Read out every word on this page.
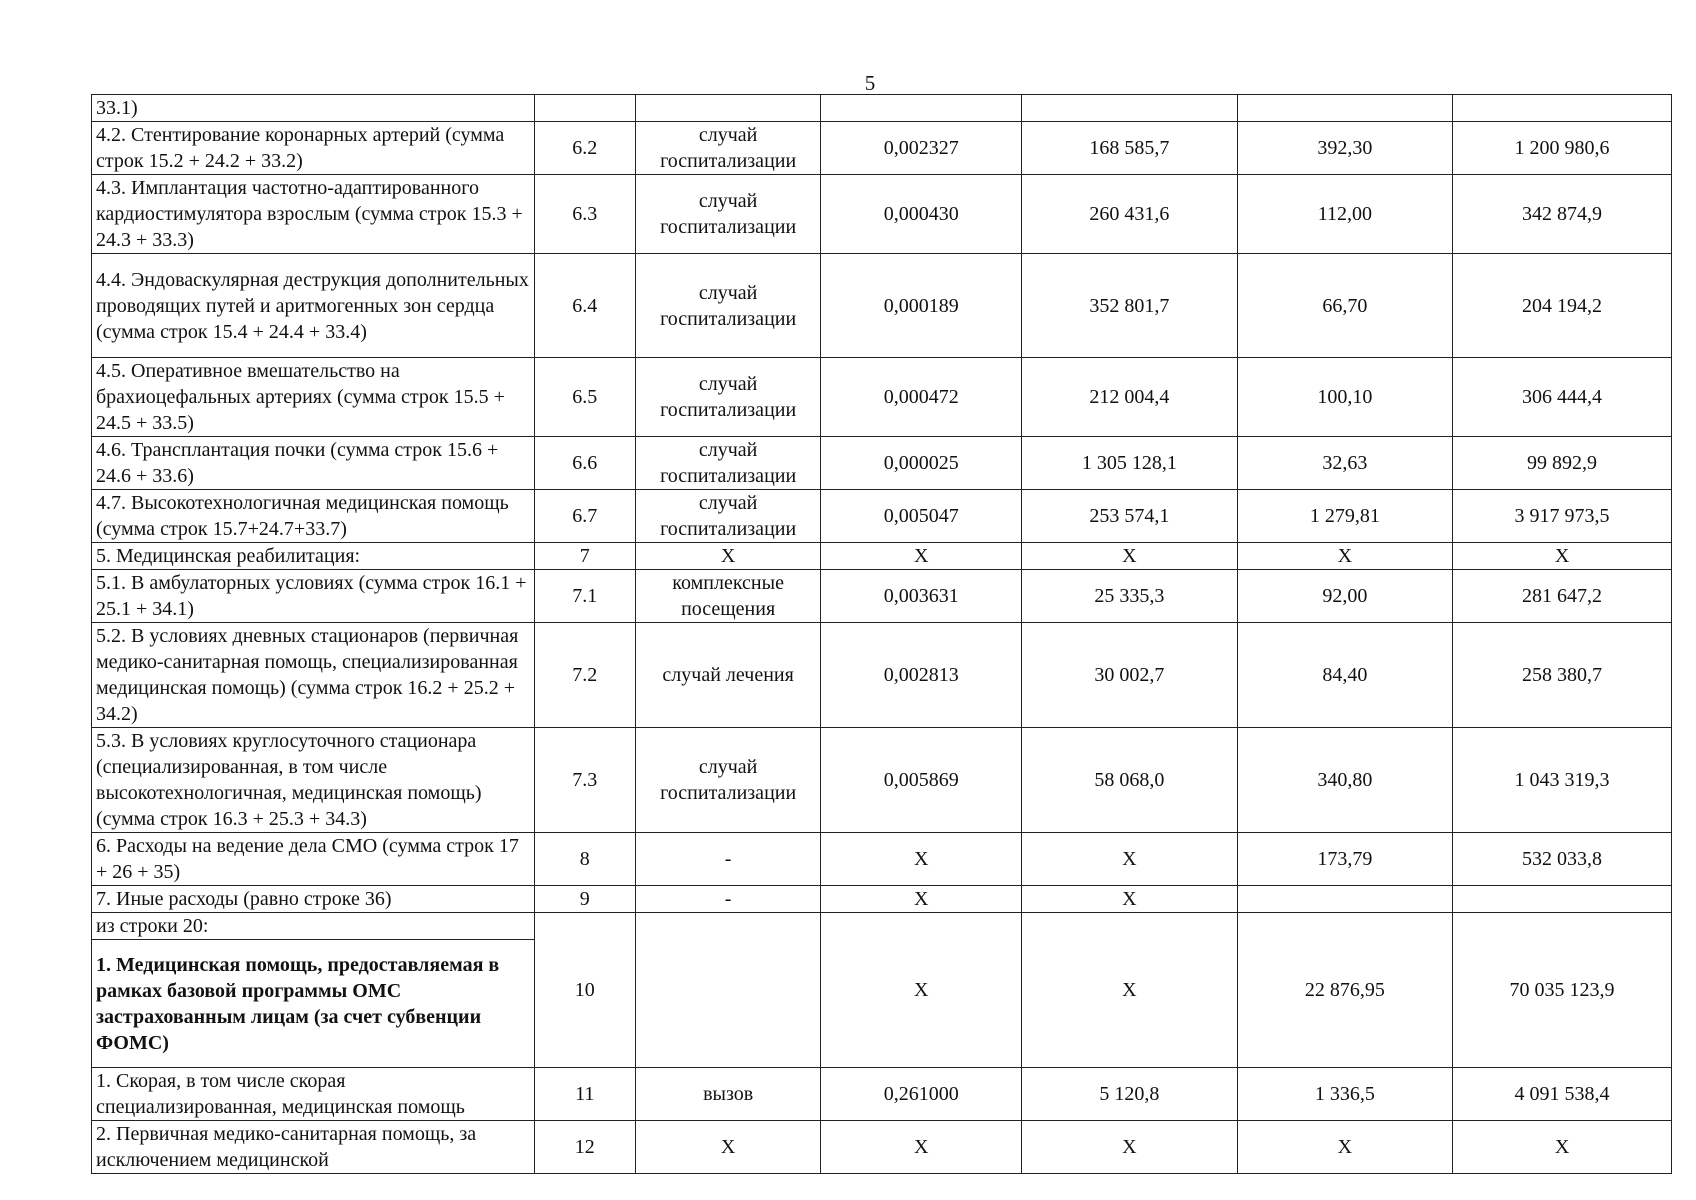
5
33.1)						
4.2. Стентирование коронарных артерий (сумма строк 15.2 + 24.2 + 33.2)	6.2	случай госпитализации	0,002327	168 585,7	392,30	1 200 980,6
4.3. Имплантация частотно-адаптированного кардиостимулятора взрослым (сумма строк 15.3 + 24.3 + 33.3)	6.3	случай госпитализации	0,000430	260 431,6	112,00	342 874,9
4.4. Эндоваскулярная деструкция дополнительных проводящих путей и аритмогенных зон сердца (сумма строк 15.4 + 24.4 + 33.4)	6.4	случай госпитализации	0,000189	352 801,7	66,70	204 194,2
4.5. Оперативное вмешательство на брахиоцефальных артериях (сумма строк 15.5 + 24.5 + 33.5)	6.5	случай госпитализации	0,000472	212 004,4	100,10	306 444,4
4.6. Трансплантация почки (сумма строк 15.6 + 24.6 + 33.6)	6.6	случай госпитализации	0,000025	1 305 128,1	32,63	99 892,9
4.7. Высокотехнологичная медицинская помощь (сумма строк 15.7+24.7+33.7)	6.7	случай госпитализации	0,005047	253 574,1	1 279,81	3 917 973,5
5. Медицинская реабилитация:	7	X	X	X	X	X
5.1. В амбулаторных условиях (сумма строк 16.1 + 25.1 + 34.1)	7.1	комплексные посещения	0,003631	25 335,3	92,00	281 647,2
5.2. В условиях дневных стационаров (первичная медико-санитарная помощь, специализированная медицинская помощь) (сумма строк 16.2 + 25.2 + 34.2)	7.2	случай лечения	0,002813	30 002,7	84,40	258 380,7
5.3. В условиях круглосуточного стационара (специализированная, в том числе высокотехнологичная, медицинская помощь)(сумма строк 16.3 + 25.3 + 34.3)	7.3	случай госпитализации	0,005869	58 068,0	340,80	1 043 319,3
6. Расходы на ведение дела СМО (сумма строк 17 + 26 + 35)	8	-	X	X	173,79	532 033,8
7. Иные расходы (равно строке 36)	9	-	X	X		
из строки 20:	10		X	X	22 876,95	70 035 123,9
1. Медицинская помощь, предоставляемая в рамках базовой программы ОМС застрахованным лицам (за счет субвенции ФОМС)						
1. Скорая, в том числе скорая специализированная, медицинская помощь	11	вызов	0,261000	5 120,8	1 336,5	4 091 538,4
2. Первичная медико-санитарная помощь, за исключением медицинской	12	X	X	X	X	X
